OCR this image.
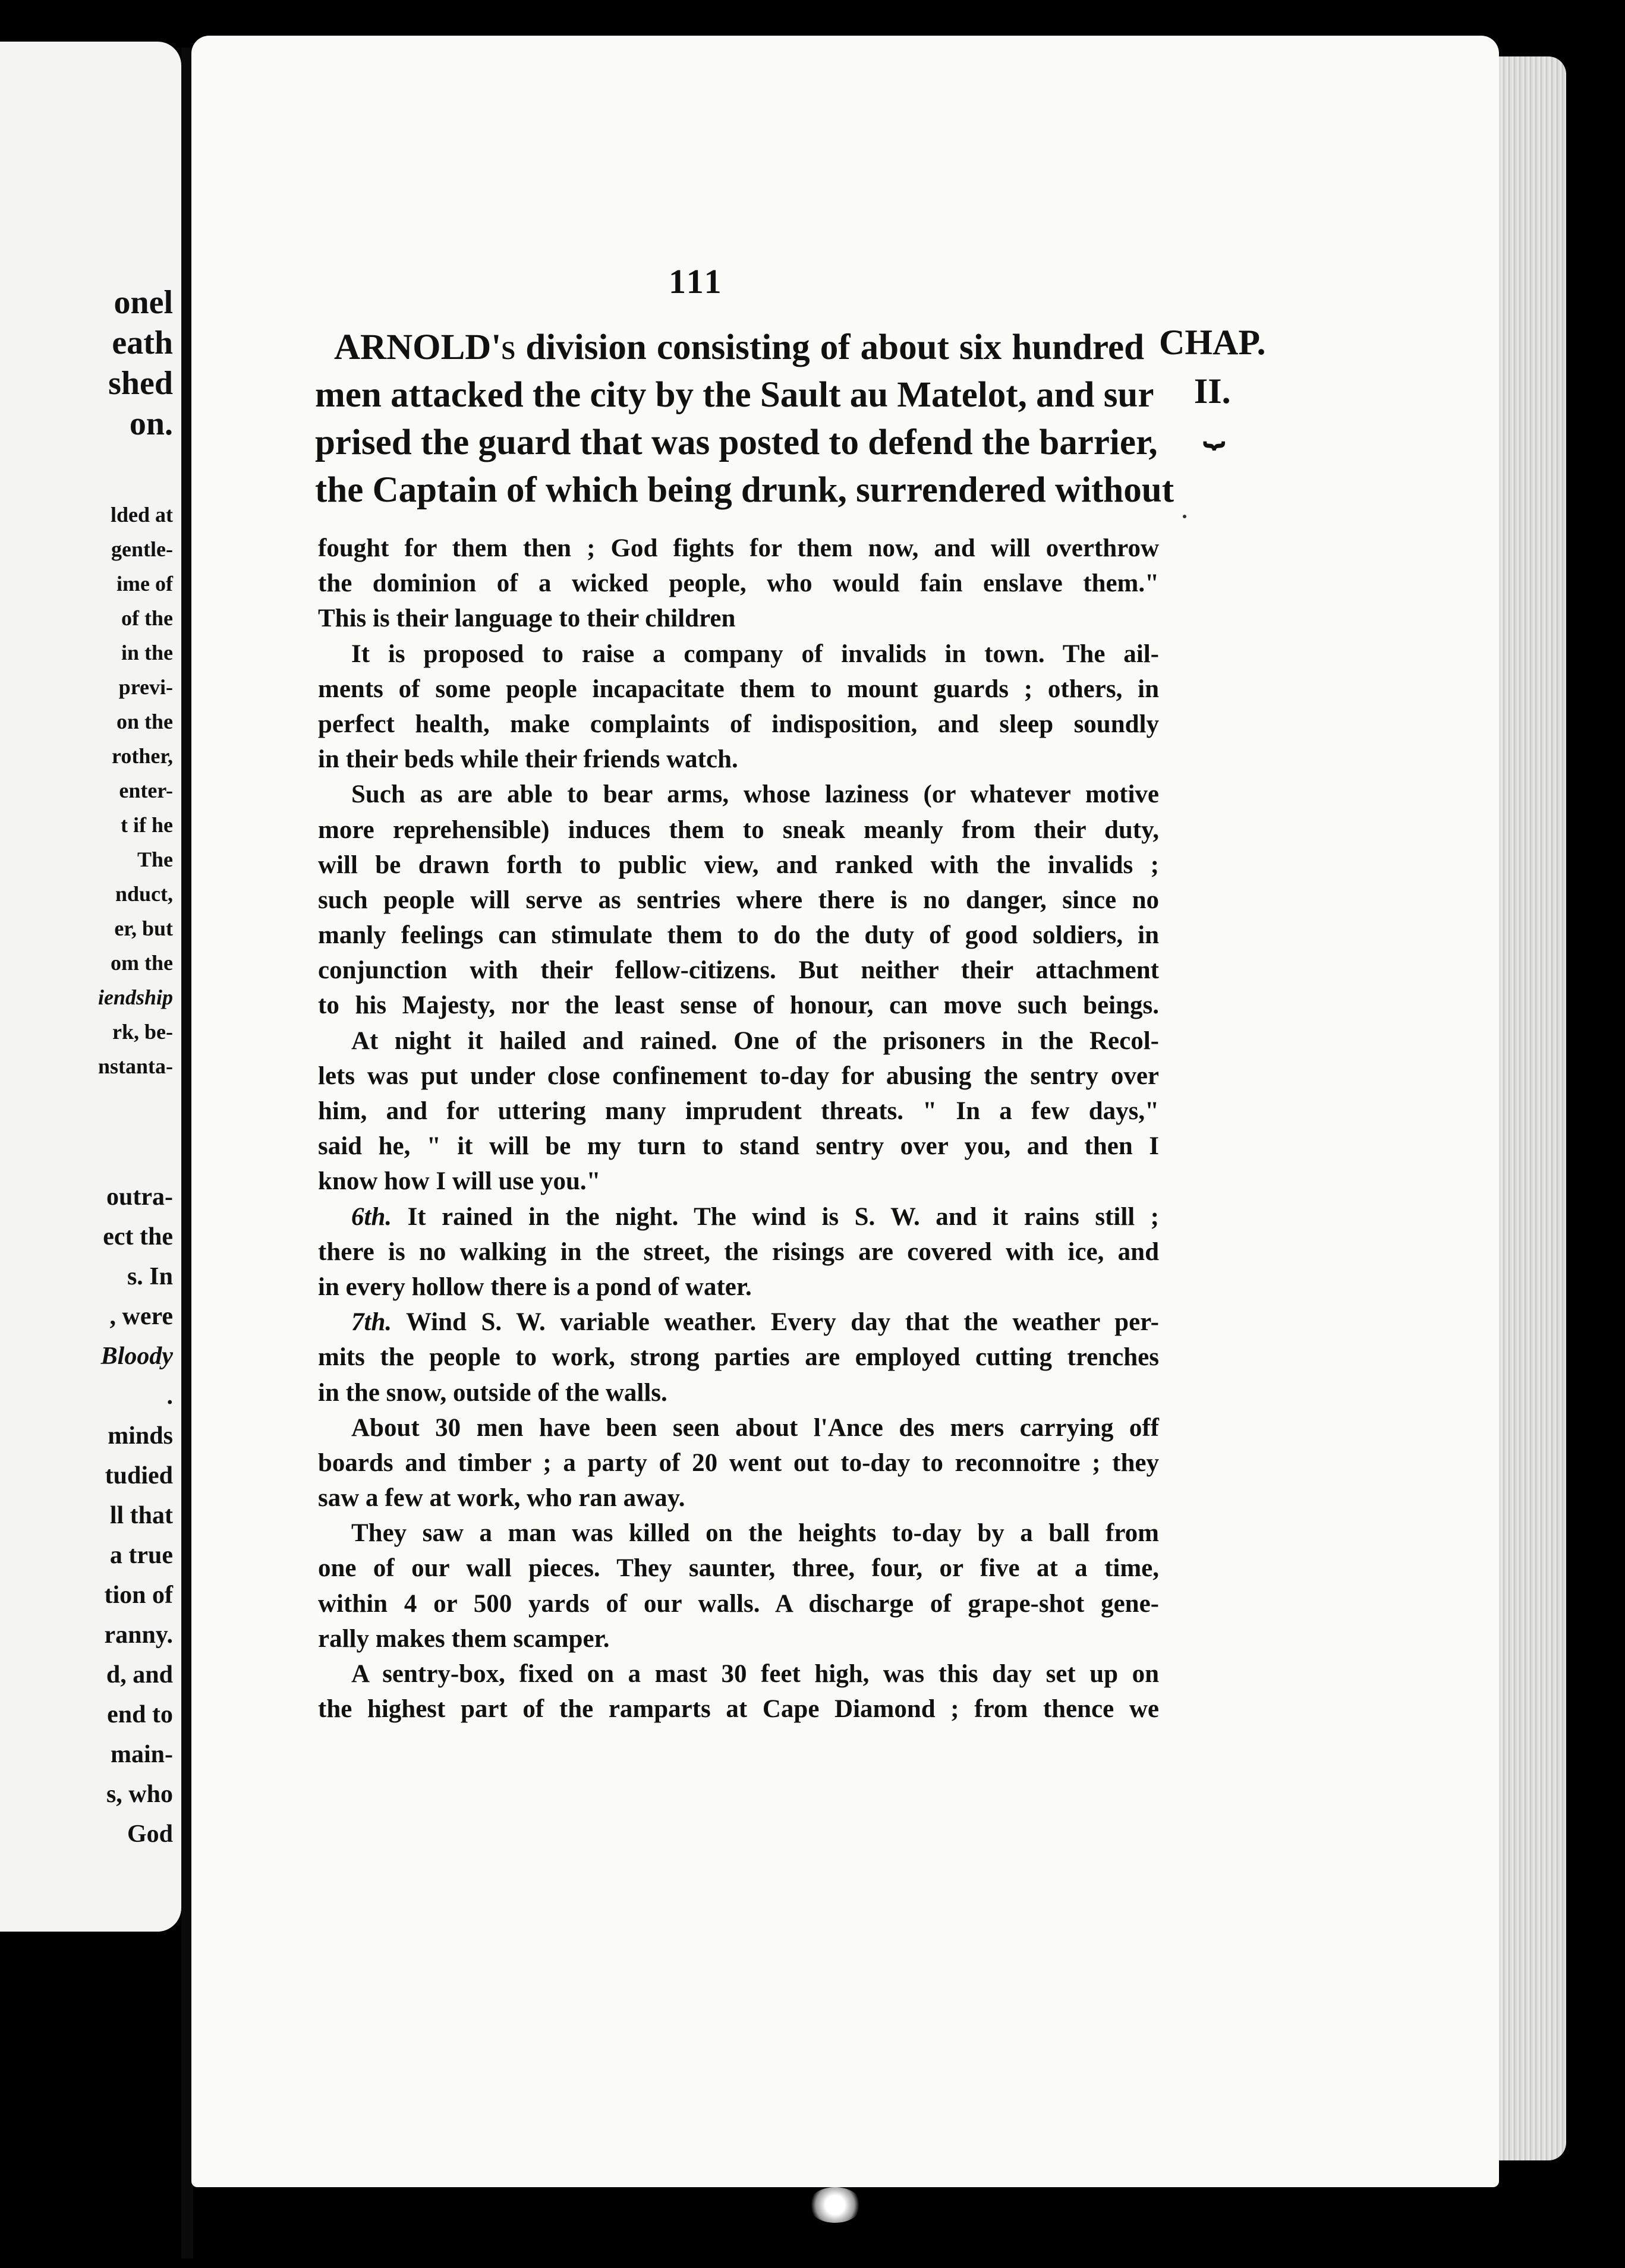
onel
eath
shed
on.
lded at
gentle-
ime of
of the
in the
previ-
on the
rother,
enter-
t if he
The
nduct,
er, but
om the
iendship
rk, be-
nstanta-
outra-
ect the
s. In
, were
Bloody
.
minds
tudied
ll that
a true
tion of
ranny.
d, and
end to
main-
s, who
God
111
CHAP.
II.
⏟
ARNOLD's division consisting of about six hundred
men attacked the city by the Sault au Matelot, and sur
prised the guard that was posted to defend the barrier,
the Captain of which being drunk, surrendered without
fought for them then ; God fights for them now, and will overthrow
the dominion of a wicked people, who would fain enslave them."
This is their language to their children
It is proposed to raise a company of invalids in town. The ail-
ments of some people incapacitate them to mount guards ; others, in
perfect health, make complaints of indisposition, and sleep soundly
in their beds while their friends watch.
Such as are able to bear arms, whose laziness (or whatever motive
more reprehensible) induces them to sneak meanly from their duty,
will be drawn forth to public view, and ranked with the invalids ;
such people will serve as sentries where there is no danger, since no
manly feelings can stimulate them to do the duty of good soldiers, in
conjunction with their fellow-citizens. But neither their attachment
to his Majesty, nor the least sense of honour, can move such beings.
At night it hailed and rained. One of the prisoners in the Recol-
lets was put under close confinement to-day for abusing the sentry over
him, and for uttering many imprudent threats. " In a few days,"
said he, " it will be my turn to stand sentry over you, and then I
know how I will use you."
6th. It rained in the night. The wind is S. W. and it rains still ;
there is no walking in the street, the risings are covered with ice, and
in every hollow there is a pond of water.
7th. Wind S. W. variable weather. Every day that the weather per-
mits the people to work, strong parties are employed cutting trenches
in the snow, outside of the walls.
About 30 men have been seen about l'Ance des mers carrying off
boards and timber ; a party of 20 went out to-day to reconnoitre ; they
saw a few at work, who ran away.
They saw a man was killed on the heights to-day by a ball from
one of our wall pieces. They saunter, three, four, or five at a time,
within 4 or 500 yards of our walls. A discharge of grape-shot gene-
rally makes them scamper.
A sentry-box, fixed on a mast 30 feet high, was this day set up on
the highest part of the ramparts at Cape Diamond ; from thence we
